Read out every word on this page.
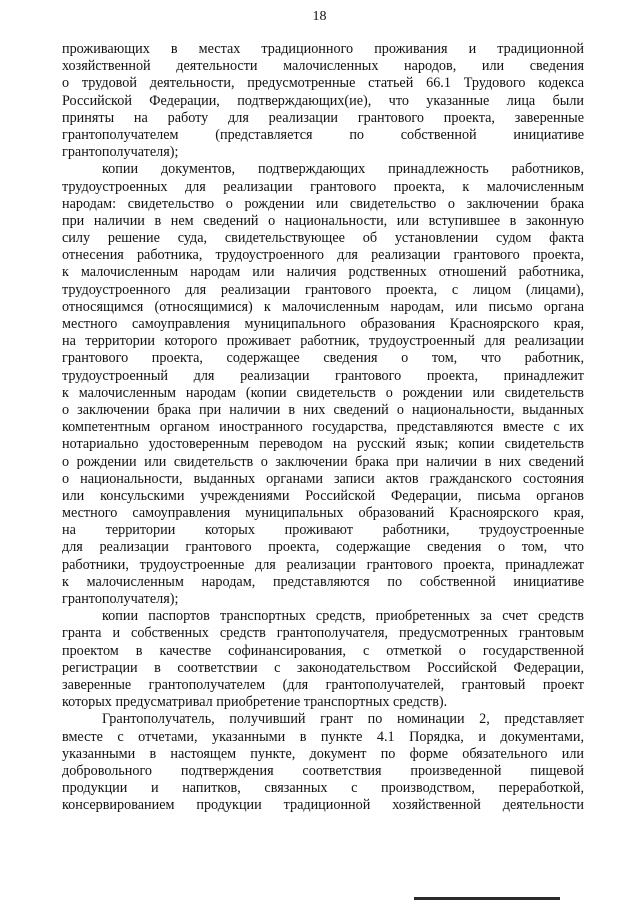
18
проживающих в местах традиционного проживания и традиционной
хозяйственной деятельности малочисленных народов, или сведения
о трудовой деятельности, предусмотренные статьей 66.1 Трудового кодекса
Российской Федерации, подтверждающих(ие), что указанные лица были
приняты на работу для реализации грантового проекта, заверенные
грантополучателем (представляется по собственной инициативе
грантополучателя);
копии документов, подтверждающих принадлежность работников,
трудоустроенных для реализации грантового проекта, к малочисленным
народам: свидетельство о рождении или свидетельство о заключении брака
при наличии в нем сведений о национальности, или вступившее в законную
силу решение суда, свидетельствующее об установлении судом факта
отнесения работника, трудоустроенного для реализации грантового проекта,
к малочисленным народам или наличия родственных отношений работника,
трудоустроенного для реализации грантового проекта, с лицом (лицами),
относящимся (относящимися) к малочисленным народам, или письмо органа
местного самоуправления муниципального образования Красноярского края,
на территории которого проживает работник, трудоустроенный для реализации
грантового проекта, содержащее сведения о том, что работник,
трудоустроенный для реализации грантового проекта, принадлежит
к малочисленным народам (копии свидетельств о рождении или свидетельств
о заключении брака при наличии в них сведений о национальности, выданных
компетентным органом иностранного государства, представляются вместе с их
нотариально удостоверенным переводом на русский язык; копии свидетельств
о рождении или свидетельств о заключении брака при наличии в них сведений
о национальности, выданных органами записи актов гражданского состояния
или консульскими учреждениями Российской Федерации, письма органов
местного самоуправления муниципальных образований Красноярского края,
на территории которых проживают работники, трудоустроенные
для реализации грантового проекта, содержащие сведения о том, что
работники, трудоустроенные для реализации грантового проекта, принадлежат
к малочисленным народам, представляются по собственной инициативе
грантополучателя);
копии паспортов транспортных средств, приобретенных за счет средств
гранта и собственных средств грантополучателя, предусмотренных грантовым
проектом в качестве софинансирования, с отметкой о государственной
регистрации в соответствии с законодательством Российской Федерации,
заверенные грантополучателем (для грантополучателей, грантовый проект
которых предусматривал приобретение транспортных средств).
Грантополучатель, получивший грант по номинации 2, представляет
вместе с отчетами, указанными в пункте 4.1 Порядка, и документами,
указанными в настоящем пункте, документ по форме обязательного или
добровольного подтверждения соответствия произведенной пищевой
продукции и напитков, связанных с производством, переработкой,
консервированием продукции традиционной хозяйственной деятельности
